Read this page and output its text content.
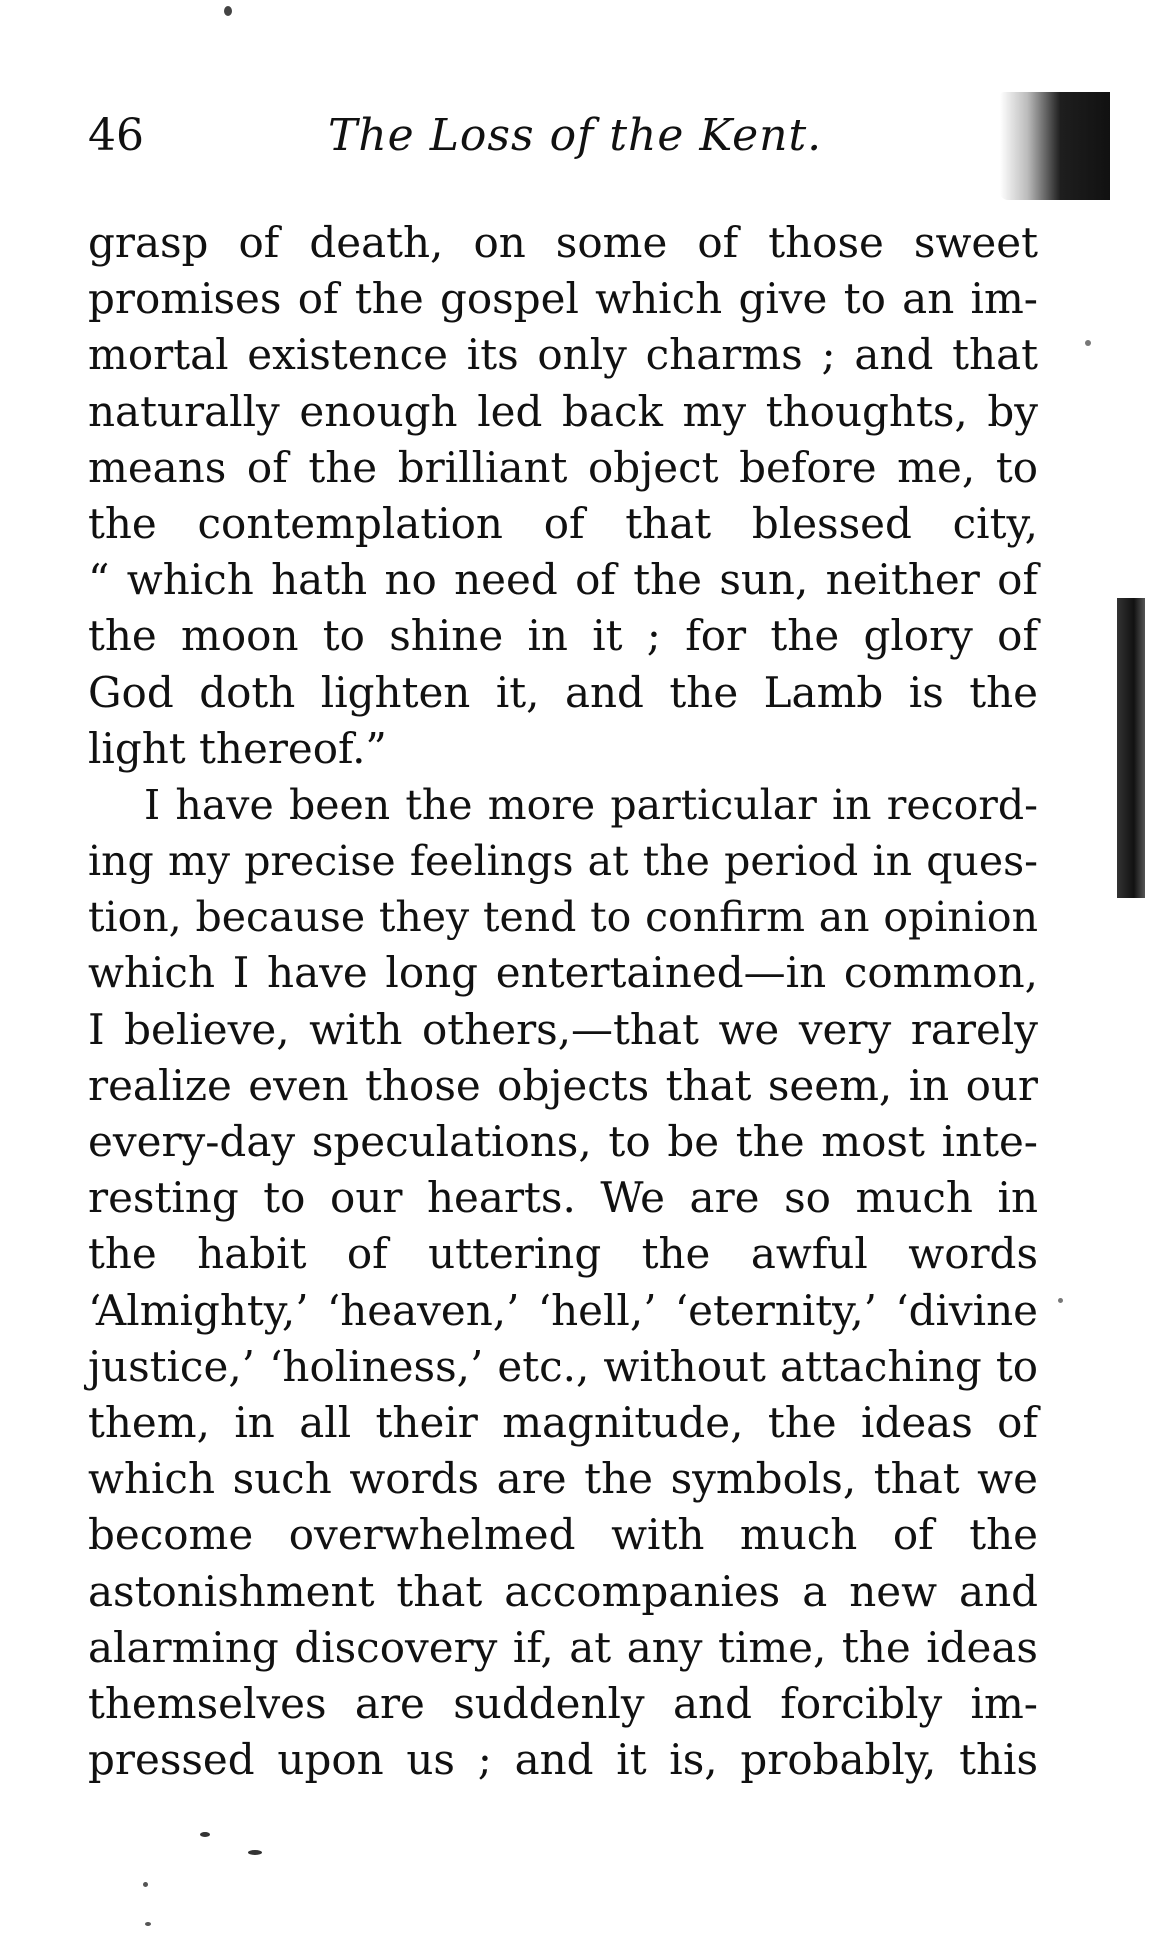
46	The Loss of the Kent.
grasp of death, on some of those sweet
promises of the gospel which give to an im-
mortal existence its only charms ; and that
naturally enough led back my thoughts, by
means of the brilliant object before me, to
the contemplation of that blessed city,
“ which hath no need of the sun, neither of
the moon to shine in it ; for the glory of
God doth lighten it, and the Lamb is the
light thereof.”
I have been the more particular in record-
ing my precise feelings at the period in ques-
tion, because they tend to confirm an opinion
which I have long entertained—in common,
I believe, with others,—that we very rarely
realize even those objects that seem, in our
every-day speculations, to be the most inte-
resting to our hearts. We are so much in
the habit of uttering the awful words
‘Almighty,’ ‘heaven,’ ‘hell,’ ‘eternity,’ ‘divine
justice,’ ‘holiness,’ etc., without attaching to
them, in all their magnitude, the ideas of
which such words are the symbols, that we
become overwhelmed with much of the
astonishment that accompanies a new and
alarming discovery if, at any time, the ideas
themselves are suddenly and forcibly im-
pressed upon us ; and it is, probably, this
